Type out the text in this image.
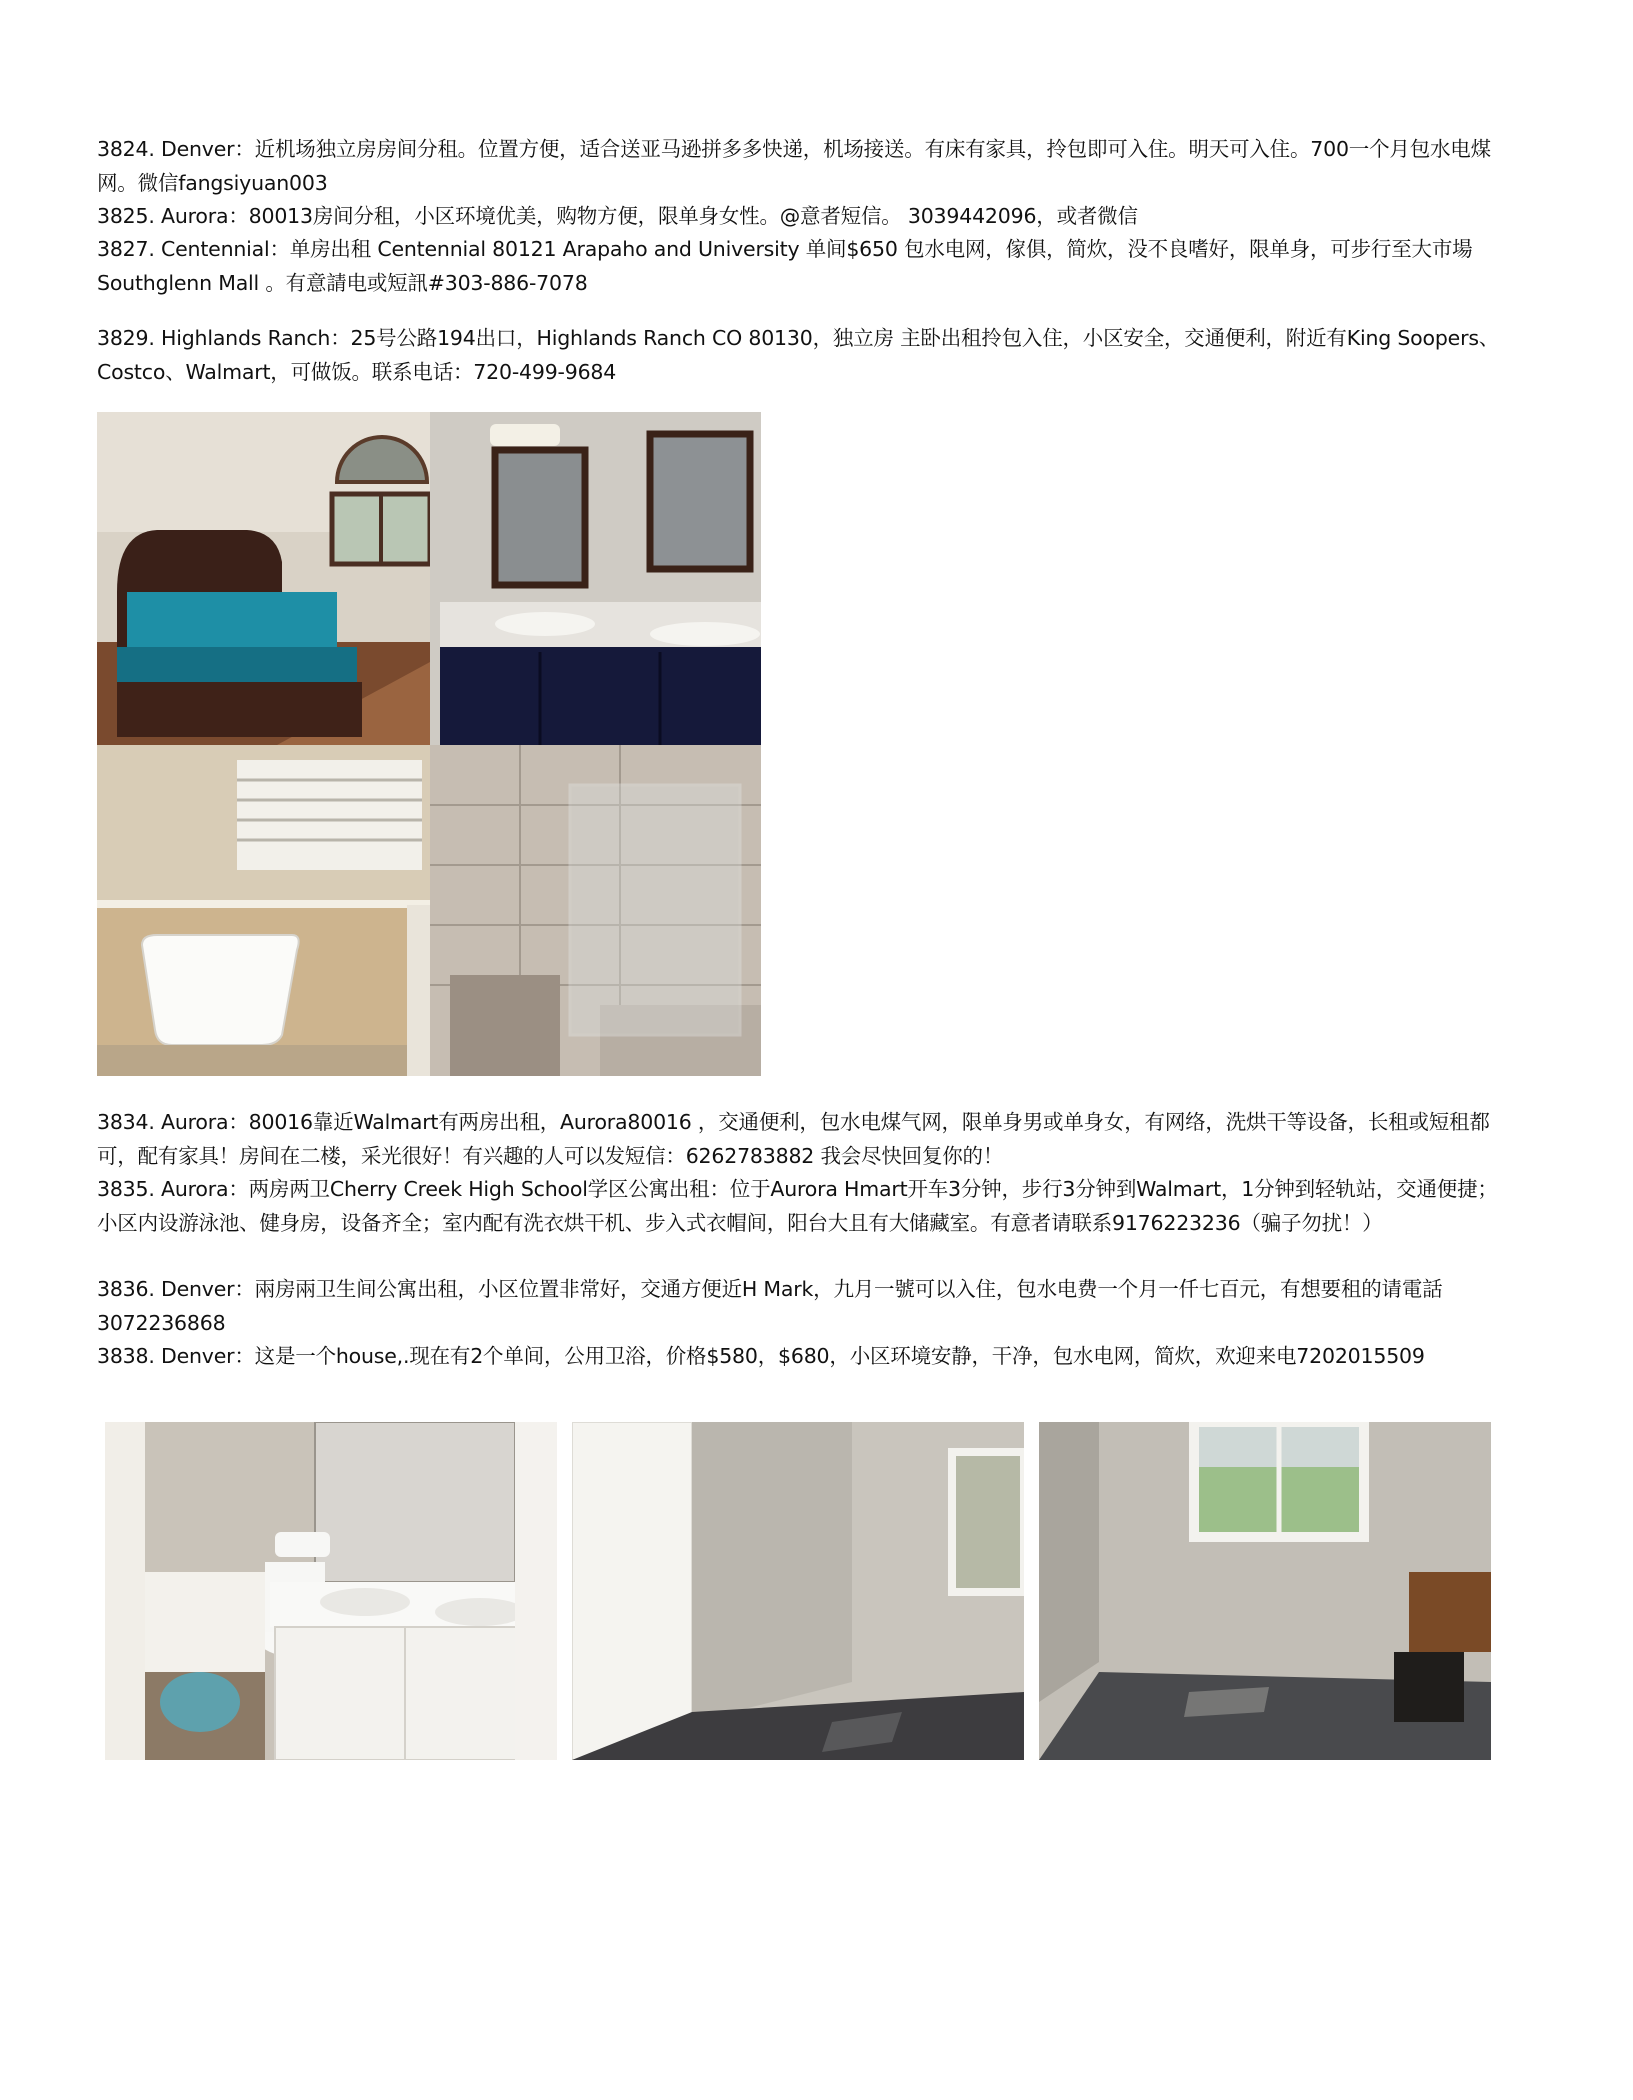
3824. Denver：近机场独立房房间分租。位置方便，适合送亚马逊拼多多快递，机场接送。有床有家具，拎包即可入住。明天可入住。700一个月包水电煤网。微信fangsiyuan003

3825. Aurora：80013房间分租，小区环境优美，购物方便，限单身女性。@意者短信。 3039442096，或者微信

3827. Centennial：单房出租 Centennial 80121 Arapaho and University 单间$650 包水电网，傢俱，简炊，没不良嗜好，限单身，可步行至大市場 Southglenn Mall 。有意請电或短訊#303-886-7078

3829. Highlands Ranch：25号公路194出口，Highlands Ranch CO 80130，独立房 主卧出租拎包入住，小区安全，交通便利，附近有King Soopers、Costco、Walmart，可做饭。联系电话：720-499-9684

3834. Aurora：80016靠近Walmart有两房出租，Aurora80016 ，交通便利，包水电煤气网，限单身男或单身女，有网络，洗烘干等设备，长租或短租都可，配有家具！房间在二楼，采光很好！有兴趣的人可以发短信：6262783882 我会尽快回复你的！

3835. Aurora：两房两卫Cherry Creek High School学区公寓出租：位于Aurora Hmart开车3分钟，步行3分钟到Walmart，1分钟到轻轨站，交通便捷；小区内设游泳池、健身房，设备齐全；室内配有洗衣烘干机、步入式衣帽间，阳台大且有大储藏室。有意者请联系9176223236（骗子勿扰！）

3836. Denver：兩房兩卫生间公寓出租，小区位置非常好，交通方便近H Mark，九月一號可以入住，包水电费一个月一仟七百元，有想要租的请電話3072236868

3838. Denver：这是一个house,.现在有2个单间，公用卫浴，价格$580，$680，小区环境安静，干净，包水电网，简炊，欢迎来电7202015509
